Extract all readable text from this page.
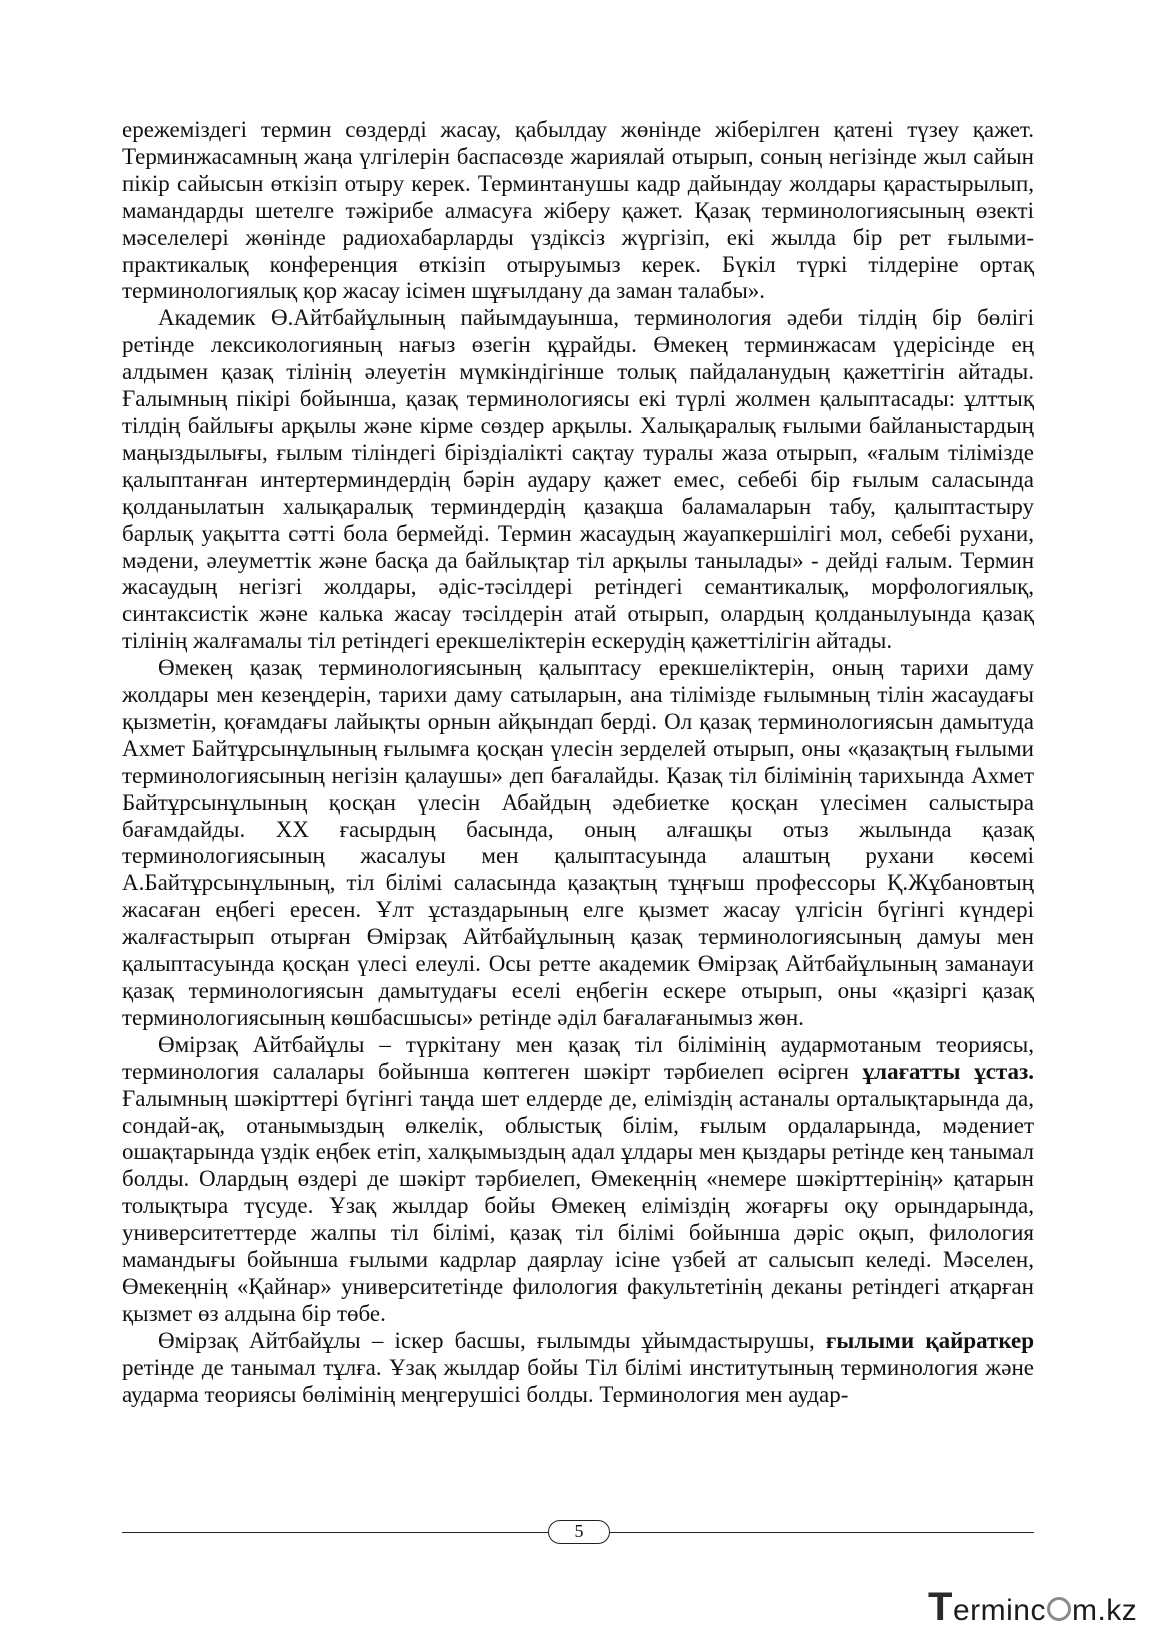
ережеміздегі термин сөздерді жасау, қабылдау жөнінде жіберілген қатені түзеу қажет. Терминжасамның жаңа үлгілерін баспасөзде жариялай отырып, соның негізінде жыл сайын пікір сайысын өткізіп отыру керек. Терминтанушы кадр дайындау жолдары қарастырылып, мамандарды шетелге тәжірибе алмасуға жіберу қажет. Қазақ терминологиясының өзекті мәселелері жөнінде радиохабарларды үздіксіз жүргізіп, екі жылда бір рет ғылыми-практикалық конференция өткізіп отыруымыз керек. Бүкіл түркі тілдеріне ортақ терминологиялық қор жасау ісімен шұғылдану да заман талабы».

Академик Ө.Айтбайұлының пайымдауынша, терминология әдеби тілдің бір бөлігі ретінде лексикологияның нағыз өзегін құрайды. Өмекең терминжасам үдерісінде ең алдымен қазақ тілінің әлеуетін мүмкіндігінше толық пайдаланудың қажеттігін айтады. Ғалымның пікірі бойынша, қазақ терминологиясы екі түрлі жолмен қалыптасады: ұлттық тілдің байлығы арқылы және кірме сөздер арқылы. Халықаралық ғылыми байланыстардың маңыздылығы, ғылым тіліндегі біріздіалікті сақтау туралы жаза отырып, «ғалым тілімізде қалыптанған интертерминдердің бәрін аудару қажет емес, себебі бір ғылым саласында қолданылатын халықаралық терминдердің қазақша баламаларын табу, қалыптастыру барлық уақытта сәтті бола бермейді. Термин жасаудың жауапкершілігі мол, себебі рухани, мәдени, әлеуметтік және басқа да байлықтар тіл арқылы танылады» - дейді ғалым. Термин жасаудың негізгі жолдары, әдіс-тәсілдері ретіндегі семантикалық, морфологиялық, синтаксистік және калька жасау тәсілдерін атай отырып, олардың қолданылуында қазақ тілінің жалғамалы тіл ретіндегі ерекшеліктерін ескерудің қажеттілігін айтады.

Өмекең қазақ терминологиясының қалыптасу ерекшеліктерін, оның тарихи даму жолдары мен кезеңдерін, тарихи даму сатыларын, ана тілімізде ғылымның тілін жасаудағы қызметін, қоғамдағы лайықты орнын айқындап берді. Ол қазақ терминологиясын дамытуда Ахмет Байтұрсынұлының ғылымға қосқан үлесін зерделей отырып, оны «қазақтың ғылыми терминологиясының негізін қалаушы» деп бағалайды. Қазақ тіл білімінің тарихында Ахмет Байтұрсынұлының қосқан үлесін Абайдың әдебиетке қосқан үлесімен салыстыра бағамдайды. XX ғасырдың басында, оның алғашқы отыз жылында қазақ терминологиясының жасалуы мен қалыптасуында алаштың рухани көсемі А.Байтұрсынұлының, тіл білімі саласында қазақтың тұңғыш профессоры Қ.Жұбановтың жасаған еңбегі ересен. Ұлт ұстаздарының елге қызмет жасау үлгісін бүгінгі күндері жалғастырып отырған Өмірзақ Айтбайұлының қазақ терминологиясының дамуы мен қалыптасуында қосқан үлесі елеулі. Осы ретте академик Өмірзақ Айтбайұлының заманауи қазақ терминологиясын дамытудағы еселі еңбегін ескере отырып, оны «қазіргі қазақ терминологиясының көшбасшысы» ретінде әділ бағалағанымыз жөн.

Өмірзақ Айтбайұлы – түркітану мен қазақ тіл білімінің аудармотаным теориясы, терминология салалары бойынша көптеген шәкірт тәрбиелеп өсірген ұлағатты ұстаз. Ғалымның шәкірттері бүгінгі таңда шет елдерде де, еліміздің астаналы орталықтарында да, сондай-ақ, отанымыздың өлкелік, облыстық білім, ғылым ордаларында, мәдениет ошақтарында үздік еңбек етіп, халқымыздың адал ұлдары мен қыздары ретінде кең танымал болды. Олардың өздері де шәкірт тәрбиелеп, Өмекеңнің «немере шәкірттерінің» қатарын толықтыра түсуде. Ұзақ жылдар бойы Өмекең еліміздің жоғарғы оқу орындарында, университеттерде жалпы тіл білімі, қазақ тіл білімі бойынша дәріс оқып, филология мамандығы бойынша ғылыми кадрлар даярлау ісіне үзбей ат салысып келеді. Мәселен, Өмекеңнің «Қайнар» университетінде филология факультетінің деканы ретіндегі атқарған қызмет өз алдына бір төбе.

Өмірзақ Айтбайұлы – іскер басшы, ғылымды ұйымдастырушы, ғылыми қайраткер ретінде де танымал тұлға. Ұзақ жылдар бойы Тіл білімі институтының терминология және аударма теориясы бөлімінің меңгерушісі болды. Терминология мен аудар-

5
Terminc m.kz
